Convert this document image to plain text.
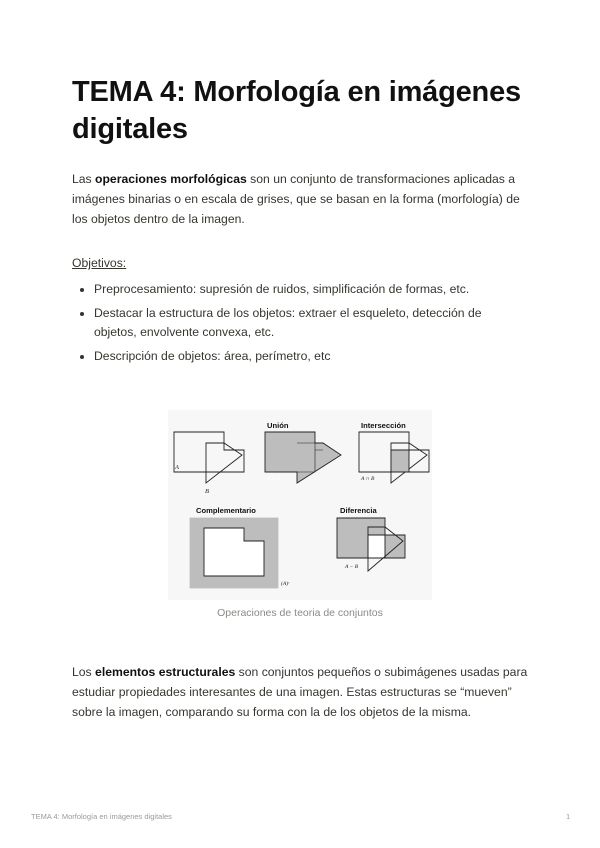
TEMA 4: Morfología en imágenes digitales

Las operaciones morfológicas son un conjunto de transformaciones aplicadas a imágenes binarias o en escala de grises, que se basan en la forma (morfología) de los objetos dentro de la imagen.

Objetivos:

Preprocesamiento: supresión de ruidos, simplificación de formas, etc.
Destacar la estructura de los objetos: extraer el esqueleto, detección de objetos, envolvente convexa, etc.
Descripción de objetos: área, perímetro, etc
A
B
Unión
A ∪ B
Intersección
A ∩ B
Complementario
(A)ᶜ
Diferencia
A − B
Operaciones de teoria de conjuntos

Los elementos estructurales son conjuntos pequeños o subimágenes usadas para estudiar propiedades interesantes de una imagen. Estas estructuras se “mueven” sobre la imagen, comparando su forma con la de los objetos de la misma.

TEMA 4: Morfología en imágenes digitales	1
